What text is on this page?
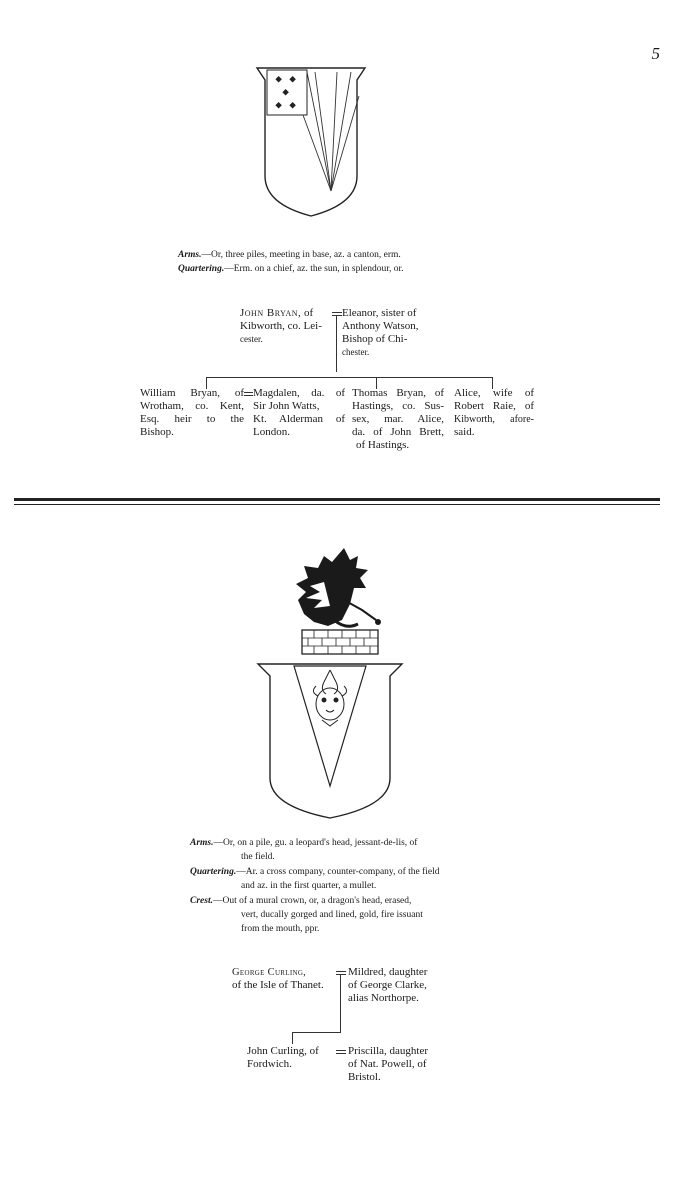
5
⯁ ⯁
⯁
⯁ ⯁
Arms.—Or, three piles, meeting in base, az. a canton, erm.
Quartering.—Erm. on a chief, az. the sun, in splendour, or.
John Bryan, of
Kibworth, co. Lei-
cester.
Eleanor, sister of
Anthony Watson,
Bishop of Chi-
chester.
William Bryan, of
Wrotham, co. Kent,
Esq. heir to the
Bishop.
Magdalen, da. of
Sir John Watts,
Kt. Alderman of
London.
Thomas Bryan, of
Hastings, co. Sus-
sex, mar. Alice,
da. of John Brett,
of Hastings.
Alice, wife of
Robert Raie, of
Kibworth, afore-
said.
Arms.—Or, on a pile, gu. a leopard's head, jessant-de-lis, of
the field.
Quartering.—Ar. a cross company, counter-company, of the field
and az. in the first quarter, a mullet.
Crest.—Out of a mural crown, or, a dragon's head, erased,
vert, ducally gorged and lined, gold, fire issuant
from the mouth, ppr.
George Curling,
of the Isle of Thanet.
Mildred, daughter
of George Clarke,
alias Northorpe.
John Curling, of
Fordwich.
Priscilla, daughter
of Nat. Powell, of
Bristol.
